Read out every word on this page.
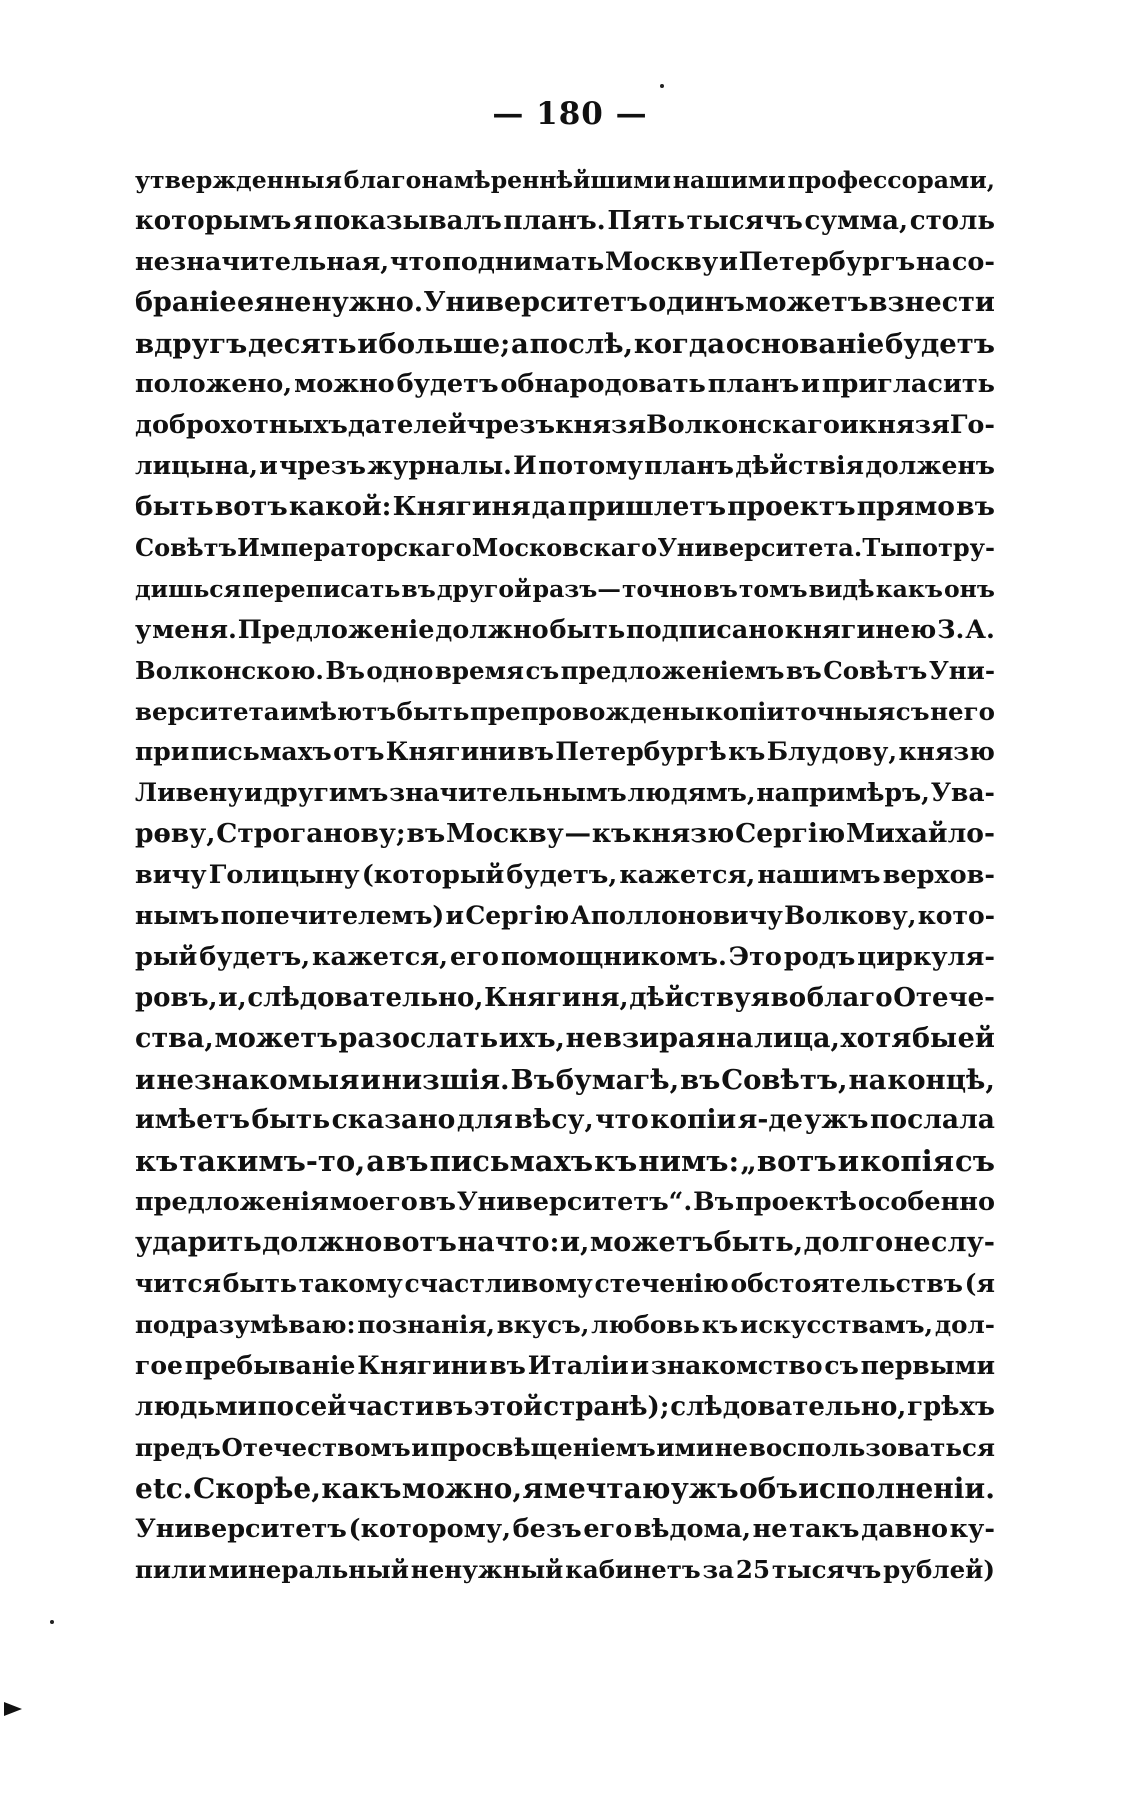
— 180 —
утвержденныя благонамѣреннѣйшими нашими профессорами,
которымъ я показывалъ планъ. Пять тысячъ сумма, столь
незначительная, что поднимать Москву и Петербургъ на со-
бранiе ея не нужно. Университетъ одинъ можетъ взнести
вдругъ десять и больше; а послѣ, когда основанiе будетъ
положено, можно будетъ обнародовать планъ и пригласить
доброхотныхъ дателей чрезъ князя Волконскаго и князя Го-
лицына, и чрезъ журналы. И потому планъ дѣйствiя долженъ
быть вотъ какой: Княгиня да пришлетъ проектъ прямо въ
Совѣтъ Императорскаго Московскаго Университета. Ты потру-
дишься переписать въ другой разъ— точно въ томъ видѣ какъ онъ
у меня. Предложенiе должно быть подписано княгинею З. А.
Волконскою. Въ одно время съ предложенiемъ въ Совѣтъ Уни-
верситета имѣютъ быть препровождены копiи точныя съ него
при письмахъ отъ Княгини въ Петербургѣ къ Блудову, князю
Ливену и другимъ значительнымъ людямъ, напримѣръ, Ува-
рѳву, Строганову; въ Москву — къ князю Сергiю Михайло-
вичу Голицыну (который будетъ, кажется, нашимъ верхов-
нымъ попечителемъ) и Сергiю Аполлоновичу Волкову, кото-
рый будетъ, кажется, его помощникомъ. Это родъ циркуля-
ровъ, и, слѣдовательно, Княгиня, дѣйствуя во благо Отече-
ства, можетъ разослать ихъ, не взирая на лица, хотя бы ей
и незнакомыя и низшiя. Въ бумагѣ, въ Совѣтъ, на концѣ,
имѣетъ быть сказано для вѣсу, что копiи я-де ужъ послала
къ такимъ-то, а въ письмахъ къ нимъ: „вотъ и копiя съ
предложенiя моего въ Университетъ“. Въ проектѣ особенно
ударить должно вотъ на что: и, можетъ быть, долго не слу-
чится быть такому счастливому стеченiю обстоятельствъ (я
подразумѣваю: познанiя, вкусъ, любовь къ искусствамъ, дол-
гое пребыванiе Княгини въ Италiи и знакомство съ первыми
людьми по сей части въ этой странѣ); слѣдовательно, грѣхъ
предъ Отечествомъ и просвѣщенiемъ ими не воспользоваться
etc. Скорѣе, какъ можно, я мечтаю ужъ объ исполненiи.
Университетъ (которому, безъ его вѣдома, не такъ давно ку-
пили минеральный ненужный кабинетъ за 25 тысячъ рублей)
